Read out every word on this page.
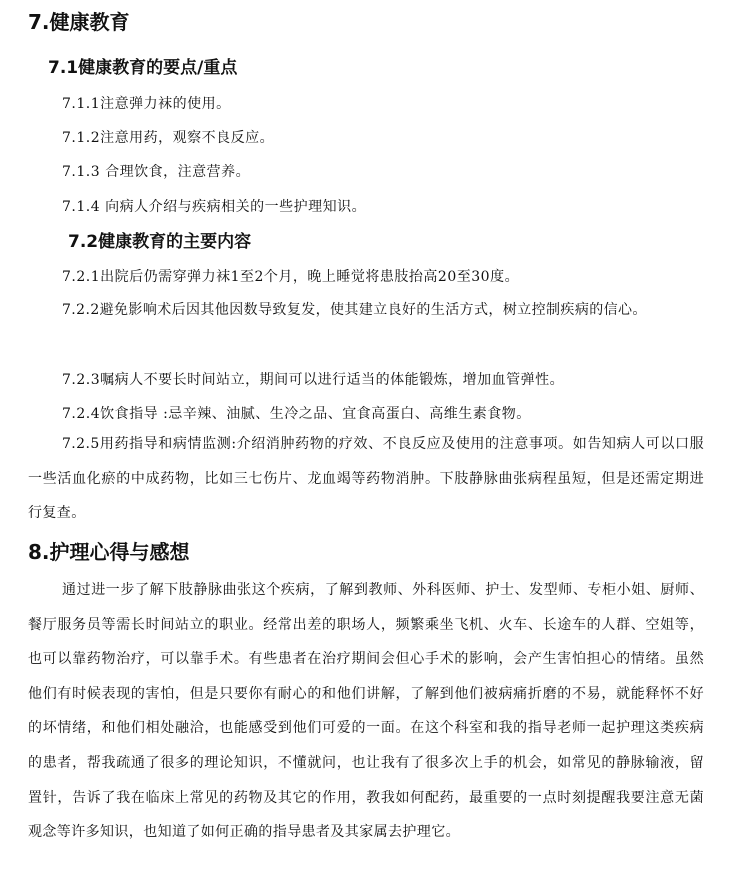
7.健康教育
7.1健康教育的要点/重点
7.1.1注意弹力袜的使用。
7.1.2注意用药，观察不良反应。
7.1.3 合理饮食，注意营养。
7.1.4 向病人介绍与疾病相关的一些护理知识。
7.2健康教育的主要内容
7.2.1出院后仍需穿弹力袜1至2个月，晚上睡觉将患肢抬高20至30度。
7.2.2避免影响术后因其他因数导致复发，使其建立良好的生活方式，树立控制疾病的信心。
7.2.3嘱病人不要长时间站立，期间可以进行适当的体能锻炼，增加血管弹性。
7.2.4饮食指导 :忌辛辣、油腻、生冷之品、宜食高蛋白、高维生素食物。
7.2.5用药指导和病情监测:介绍消肿药物的疗效、不良反应及使用的注意事项。如告知病人可以口服一些活血化瘀的中成药物，比如三七伤片、龙血竭等药物消肿。下肢静脉曲张病程虽短，但是还需定期进行复查。
8.护理心得与感想
通过进一步了解下肢静脉曲张这个疾病，了解到教师、外科医师、护士、发型师、专柜小姐、厨师、餐厅服务员等需长时间站立的职业。经常出差的职场人，频繁乘坐飞机、火车、长途车的人群、空姐等，也可以靠药物治疗，可以靠手术。有些患者在治疗期间会但心手术的影响，会产生害怕担心的情绪。虽然他们有时候表现的害怕，但是只要你有耐心的和他们讲解，了解到他们被病痛折磨的不易，就能释怀不好的坏情绪，和他们相处融洽，也能感受到他们可爱的一面。在这个科室和我的指导老师一起护理这类疾病的患者，帮我疏通了很多的理论知识，不懂就问，也让我有了很多次上手的机会，如常见的静脉输液，留置针，告诉了我在临床上常见的药物及其它的作用，教我如何配药，最重要的一点时刻提醒我要注意无菌观念等许多知识，也知道了如何正确的指导患者及其家属去护理它。
